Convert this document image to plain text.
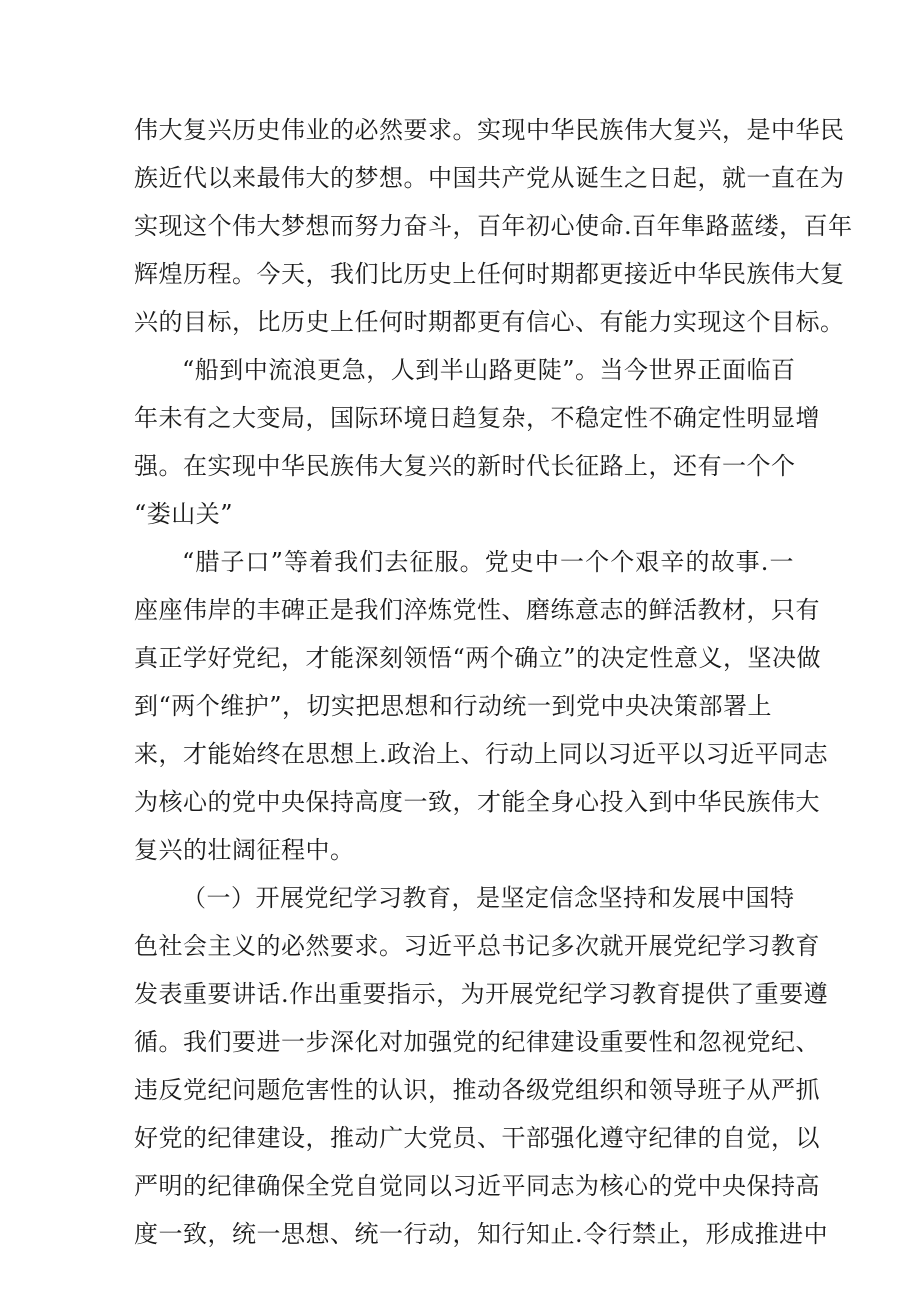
伟大复兴历史伟业的必然要求。实现中华民族伟大复兴，是中华民
族近代以来最伟大的梦想。中国共产党从诞生之日起，就一直在为
实现这个伟大梦想而努力奋斗，百年初心使命.百年隼路蓝缕，百年
辉煌历程。今天，我们比历史上任何时期都更接近中华民族伟大复
兴的目标，比历史上任何时期都更有信心、有能力实现这个目标。
“船到中流浪更急，人到半山路更陡”。当今世界正面临百
年未有之大变局，国际环境日趋复杂，不稳定性不确定性明显增
强。在实现中华民族伟大复兴的新时代长征路上，还有一个个
“娄山关”
“腊子口”等着我们去征服。党史中一个个艰辛的故事.一
座座伟岸的丰碑正是我们淬炼党性、磨练意志的鲜活教材，只有
真正学好党纪，才能深刻领悟“两个确立”的决定性意义，坚决做
到“两个维护”，切实把思想和行动统一到党中央决策部署上
来，才能始终在思想上.政治上、行动上同以习近平以习近平同志
为核心的党中央保持高度一致，才能全身心投入到中华民族伟大
复兴的壮阔征程中。
（一）开展党纪学习教育，是坚定信念坚持和发展中国特
色社会主义的必然要求。习近平总书记多次就开展党纪学习教育
发表重要讲话.作出重要指示，为开展党纪学习教育提供了重要遵
循。我们要进一步深化对加强党的纪律建设重要性和忽视党纪、
违反党纪问题危害性的认识，推动各级党组织和领导班子从严抓
好党的纪律建设，推动广大党员、干部强化遵守纪律的自觉，以
严明的纪律确保全党自觉同以习近平同志为核心的党中央保持高
度一致，统一思想、统一行动，知行知止.令行禁止，形成推进中
